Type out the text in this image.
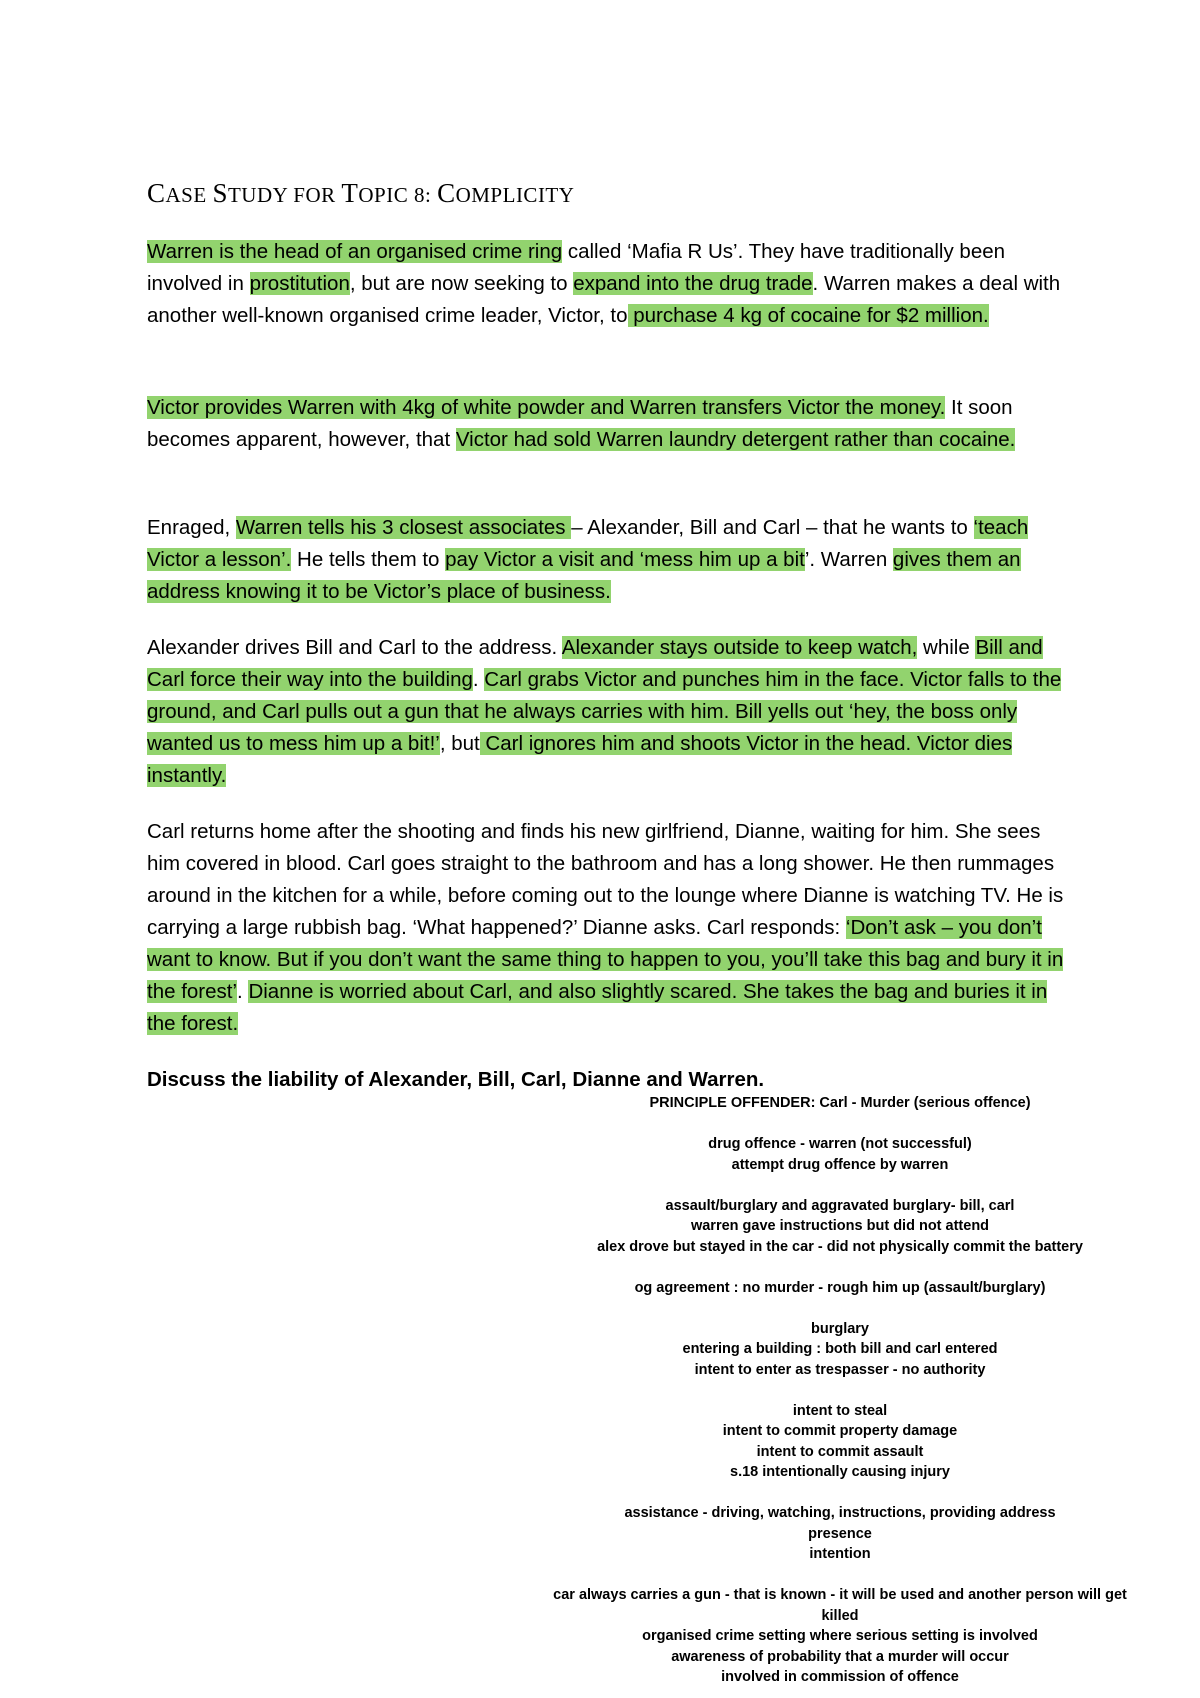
CASE STUDY FOR TOPIC 8: COMPLICITY

Warren is the head of an organised crime ring called ‘Mafia R Us’. They have traditionally been involved in prostitution, but are now seeking to expand into the drug trade. Warren makes a deal with another well-known organised crime leader, Victor, to purchase 4 kg of cocaine for $2 million.

Victor provides Warren with 4kg of white powder and Warren transfers Victor the money. It soon becomes apparent, however, that Victor had sold Warren laundry detergent rather than cocaine.

Enraged, Warren tells his 3 closest associates – Alexander, Bill and Carl – that he wants to ‘teach Victor a lesson’. He tells them to pay Victor a visit and ‘mess him up a bit’. Warren gives them an address knowing it to be Victor’s place of business.

Alexander drives Bill and Carl to the address. Alexander stays outside to keep watch, while Bill and Carl force their way into the building. Carl grabs Victor and punches him in the face. Victor falls to the ground, and Carl pulls out a gun that he always carries with him. Bill yells out ‘hey, the boss only wanted us to mess him up a bit!’, but Carl ignores him and shoots Victor in the head. Victor dies instantly.

Carl returns home after the shooting and finds his new girlfriend, Dianne, waiting for him. She sees him covered in blood. Carl goes straight to the bathroom and has a long shower. He then rummages around in the kitchen for a while, before coming out to the lounge where Dianne is watching TV. He is carrying a large rubbish bag. ‘What happened?’ Dianne asks. Carl responds: ‘Don’t ask – you don’t want to know. But if you don’t want the same thing to happen to you, you’ll take this bag and bury it in the forest’. Dianne is worried about Carl, and also slightly scared. She takes the bag and buries it in the forest.

Discuss the liability of Alexander, Bill, Carl, Dianne and Warren.

PRINCIPLE OFFENDER: Carl - Murder (serious offence)
drug offence - warren (not successful)
attempt drug offence by warren
assault/burglary and aggravated burglary- bill, carl
warren gave instructions but did not attend
alex drove but stayed in the car - did not physically commit the battery
og agreement : no murder - rough him up (assault/burglary)
burglary
entering a building : both bill and carl entered
intent to enter as trespasser - no authority
intent to steal
intent to commit property damage
intent to commit assault
s.18 intentionally causing injury
assistance - driving, watching, instructions, providing address
presence
intention
car always carries a gun - that is known - it will be used and another person will get
killed
organised crime setting where serious setting is involved
awareness of probability that a murder will occur
involved in commission of offence
